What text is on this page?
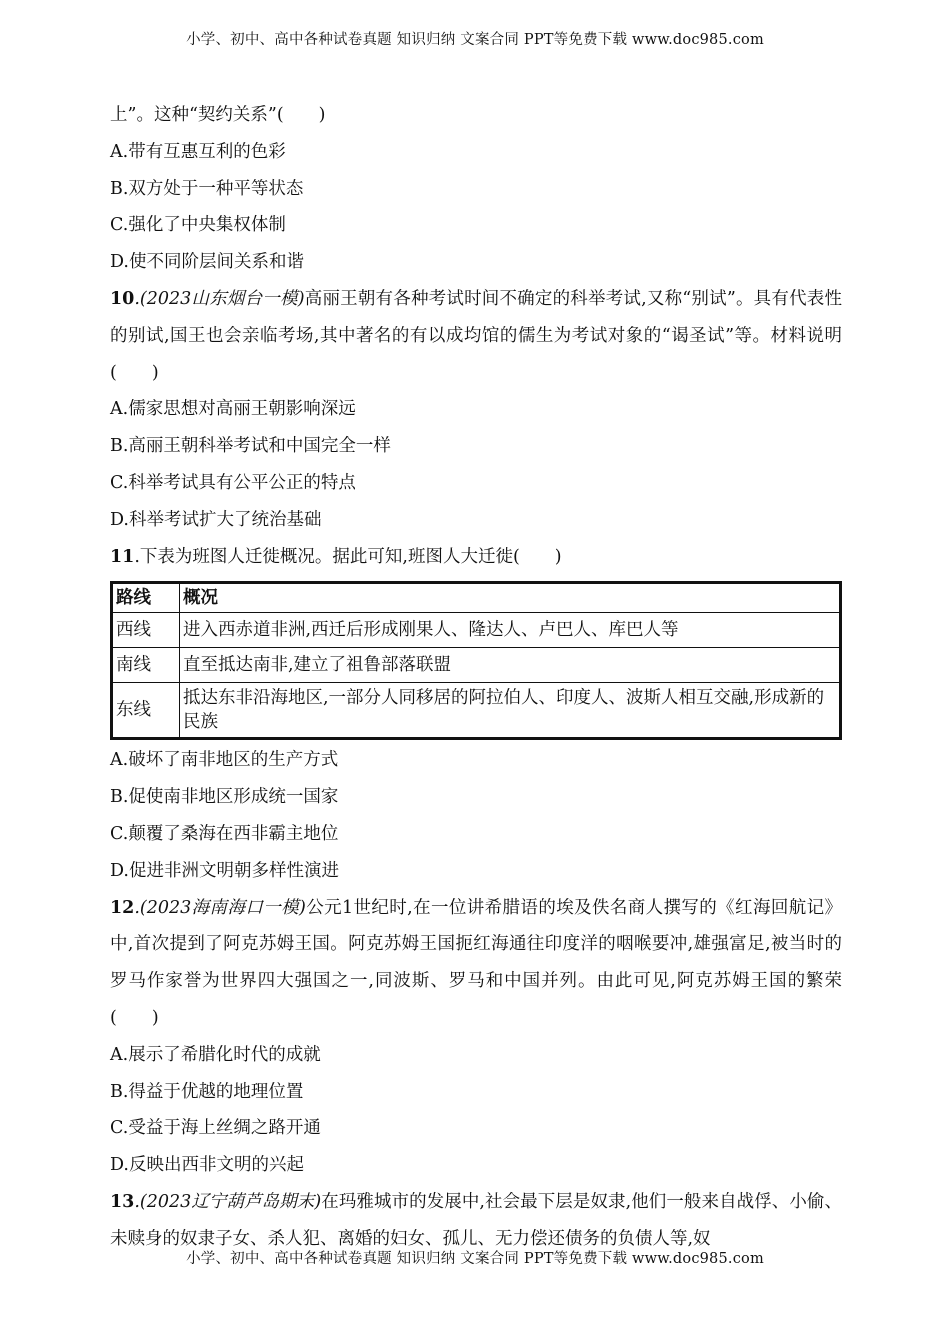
小学、初中、高中各种试卷真题 知识归纳 文案合同 PPT等免费下载 www.doc985.com
上”。这种“契约关系”(　　)
A.带有互惠互利的色彩
B.双方处于一种平等状态
C.强化了中央集权体制
D.使不同阶层间关系和谐
10.(2023山东烟台一模)高丽王朝有各种考试时间不确定的科举考试,又称“别试”。具有代表性的别试,国王也会亲临考场,其中著名的有以成均馆的儒生为考试对象的“谒圣试”等。材料说明(　　)
A.儒家思想对高丽王朝影响深远
B.高丽王朝科举考试和中国完全一样
C.科举考试具有公平公正的特点
D.科举考试扩大了统治基础
11.下表为班图人迁徙概况。据此可知,班图人大迁徙(　　)
路线	概况
西线	进入西赤道非洲,西迁后形成刚果人、隆达人、卢巴人、库巴人等
南线	直至抵达南非,建立了祖鲁部落联盟
东线	抵达东非沿海地区,一部分人同移居的阿拉伯人、印度人、波斯人相互交融,形成新的民族
A.破坏了南非地区的生产方式
B.促使南非地区形成统一国家
C.颠覆了桑海在西非霸主地位
D.促进非洲文明朝多样性演进
12.(2023海南海口一模)公元1世纪时,在一位讲希腊语的埃及佚名商人撰写的《红海回航记》中,首次提到了阿克苏姆王国。阿克苏姆王国扼红海通往印度洋的咽喉要冲,雄强富足,被当时的罗马作家誉为世界四大强国之一,同波斯、罗马和中国并列。由此可见,阿克苏姆王国的繁荣(　　)
A.展示了希腊化时代的成就
B.得益于优越的地理位置
C.受益于海上丝绸之路开通
D.反映出西非文明的兴起
13.(2023辽宁葫芦岛期末)在玛雅城市的发展中,社会最下层是奴隶,他们一般来自战俘、小偷、未赎身的奴隶子女、杀人犯、离婚的妇女、孤儿、无力偿还债务的负债人等,奴
小学、初中、高中各种试卷真题 知识归纳 文案合同 PPT等免费下载 www.doc985.com
